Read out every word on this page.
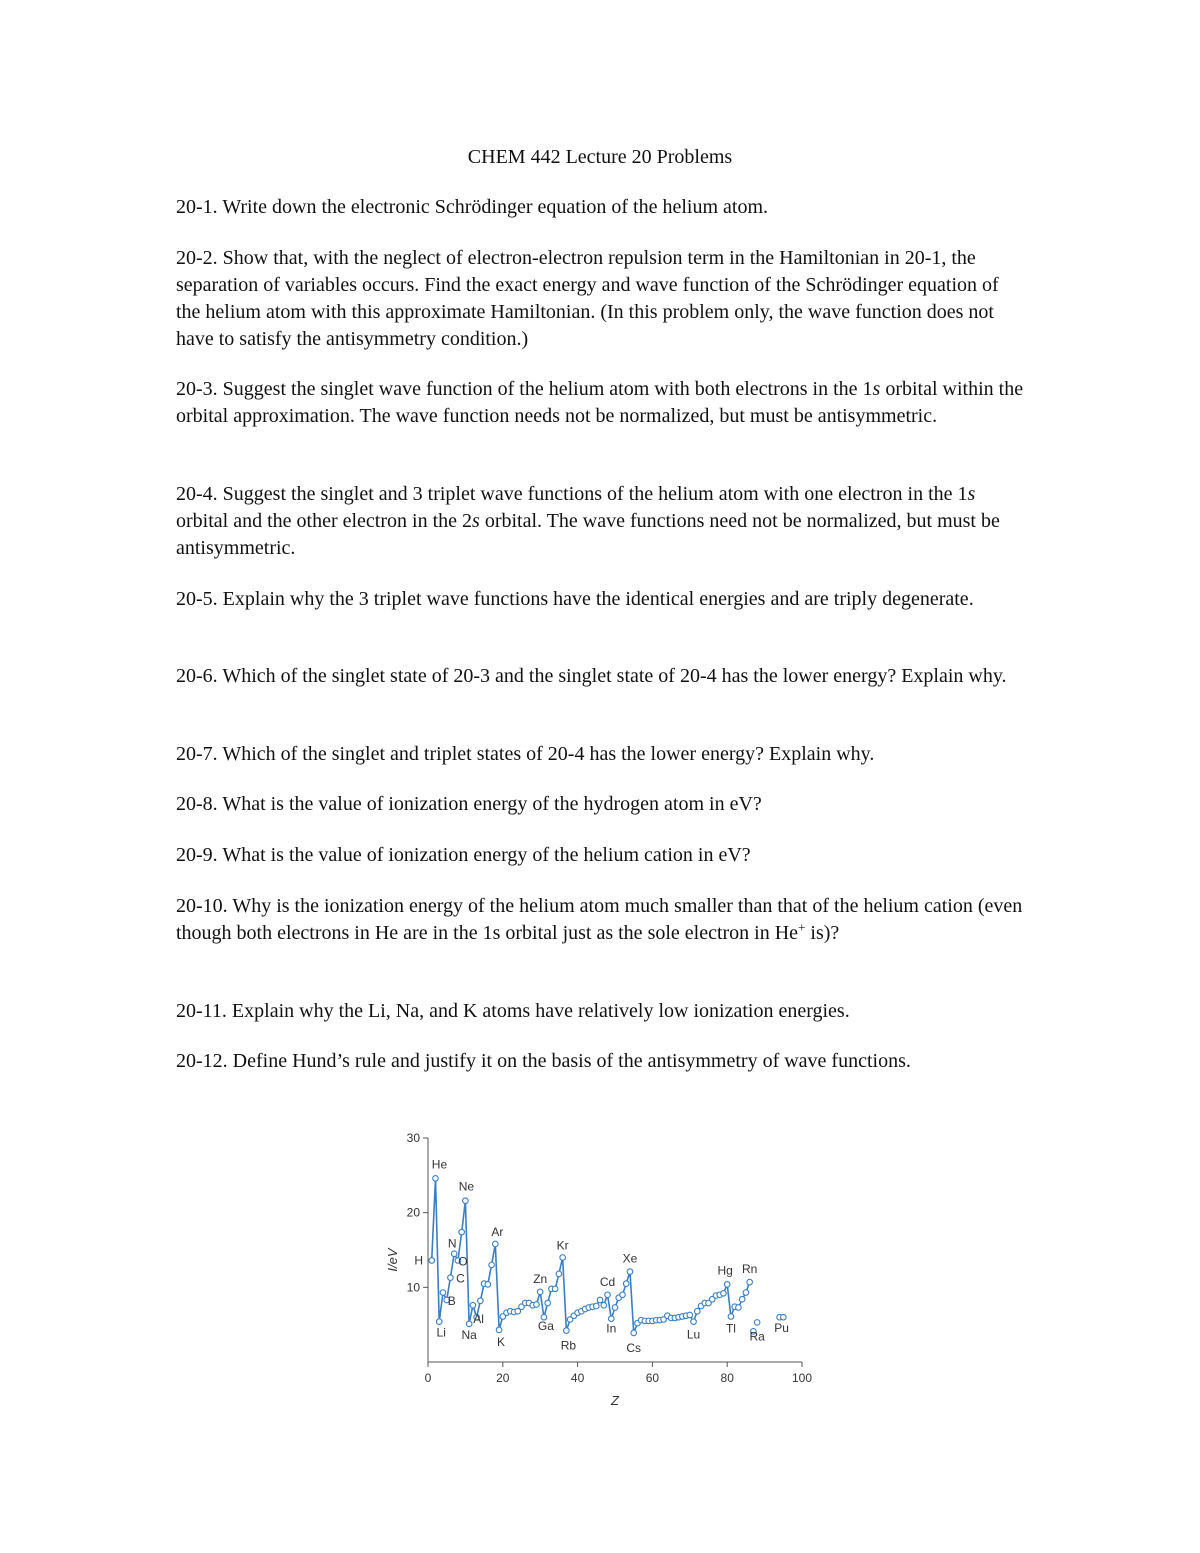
CHEM 442 Lecture 20 Problems

20-1. Write down the electronic Schrödinger equation of the helium atom.

20-2. Show that, with the neglect of electron-electron repulsion term in the Hamiltonian in 20-1, the separation of variables occurs. Find the exact energy and wave function of the Schrödinger equation of the helium atom with this approximate Hamiltonian. (In this problem only, the wave function does not have to satisfy the antisymmetry condition.)

20-3. Suggest the singlet wave function of the helium atom with both electrons in the 1s orbital within the orbital approximation. The wave function needs not be normalized, but must be antisymmetric.

20-4. Suggest the singlet and 3 triplet wave functions of the helium atom with one electron in the 1s orbital and the other electron in the 2s orbital. The wave functions need not be normalized, but must be antisymmetric.

20-5. Explain why the 3 triplet wave functions have the identical energies and are triply degenerate.

20-6. Which of the singlet state of 20-3 and the singlet state of 20-4 has the lower energy? Explain why.

20-7. Which of the singlet and triplet states of 20-4 has the lower energy? Explain why.

20-8. What is the value of ionization energy of the hydrogen atom in eV?

20-9. What is the value of ionization energy of the helium cation in eV?

20-10. Why is the ionization energy of the helium atom much smaller than that of the helium cation (even though both electrons in He are in the 1s orbital just as the sole electron in He+ is)?

20-11. Explain why the Li, Na, and K atoms have relatively low ionization energies.

20-12. Define Hund’s rule and justify it on the basis of the antisymmetry of wave functions.

0	20	40	60	80	100
10
20
30
Z
I/eV H
He
Li
B
C
N
O
Ne
Na
Al
Ar
K
Zn
Ga
Kr
Rb
Cd
In
Xe
Cs
Lu
Hg
Tl
Rn
Ra
Pu
